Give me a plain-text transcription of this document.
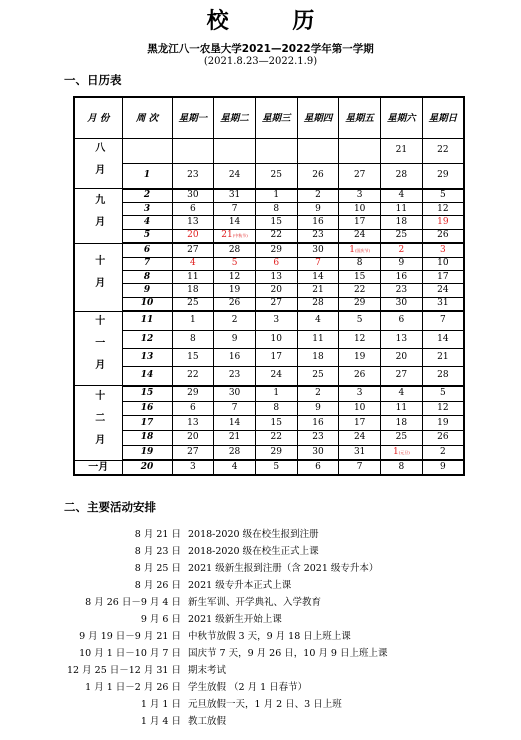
校 历
黑龙江八一农垦大学2021—2022学年第一学期
(2021.8.23—2022.1.9)
一、日历表
月 份	周 次	星期一	星期二	星期三	星期四	星期五	星期六	星期日
八月							21	22
	1	23	24	25	26	27	28	29
九月	2	30	31	1	2	3	4	5
	3	6	7	8	9	10	11	12
	4	13	14	15	16	17	18	19
	5	20	21(中秋节)	22	23	24	25	26
十月	6	27	28	29	30	1(国庆节)	2	3
	7	4	5	6	7	8	9	10
	8	11	12	13	14	15	16	17
	9	18	19	20	21	22	23	24
	10	25	26	27	28	29	30	31
十一月	11	1	2	3	4	5	6	7
	12	8	9	10	11	12	13	14
	13	15	16	17	18	19	20	21
	14	22	23	24	25	26	27	28
十二月	15	29	30	1	2	3	4	5
	16	6	7	8	9	10	11	12
	17	13	14	15	16	17	18	19
	18	20	21	22	23	24	25	26
	19	27	28	29	30	31	1(元旦)	2
一月	20	3	4	5	6	7	8	9
二、主要活动安排
8 月 21 日 2018-2020 级在校生报到注册
8 月 23 日 2018-2020 级在校生正式上课
8 月 25 日 2021 级新生报到注册（含 2021 级专升本）
8 月 26 日 2021 级专升本正式上课
8 月 26 日－9 月 4 日 新生军训、开学典礼、入学教育
9 月 6 日 2021 级新生开始上课
9 月 19 日－9 月 21 日 中秋节放假 3 天，9 月 18 日上班上课
10 月 1 日－10 月 7 日 国庆节 7 天，9 月 26 日，10 月 9 日上班上课
12 月 25 日－12 月 31 日 期末考试
1 月 1 日－2 月 26 日 学生放假 （2 月 1 日春节）
1 月 1 日 元旦放假一天，1 月 2 日、3 日上班
1 月 4 日 教工放假
